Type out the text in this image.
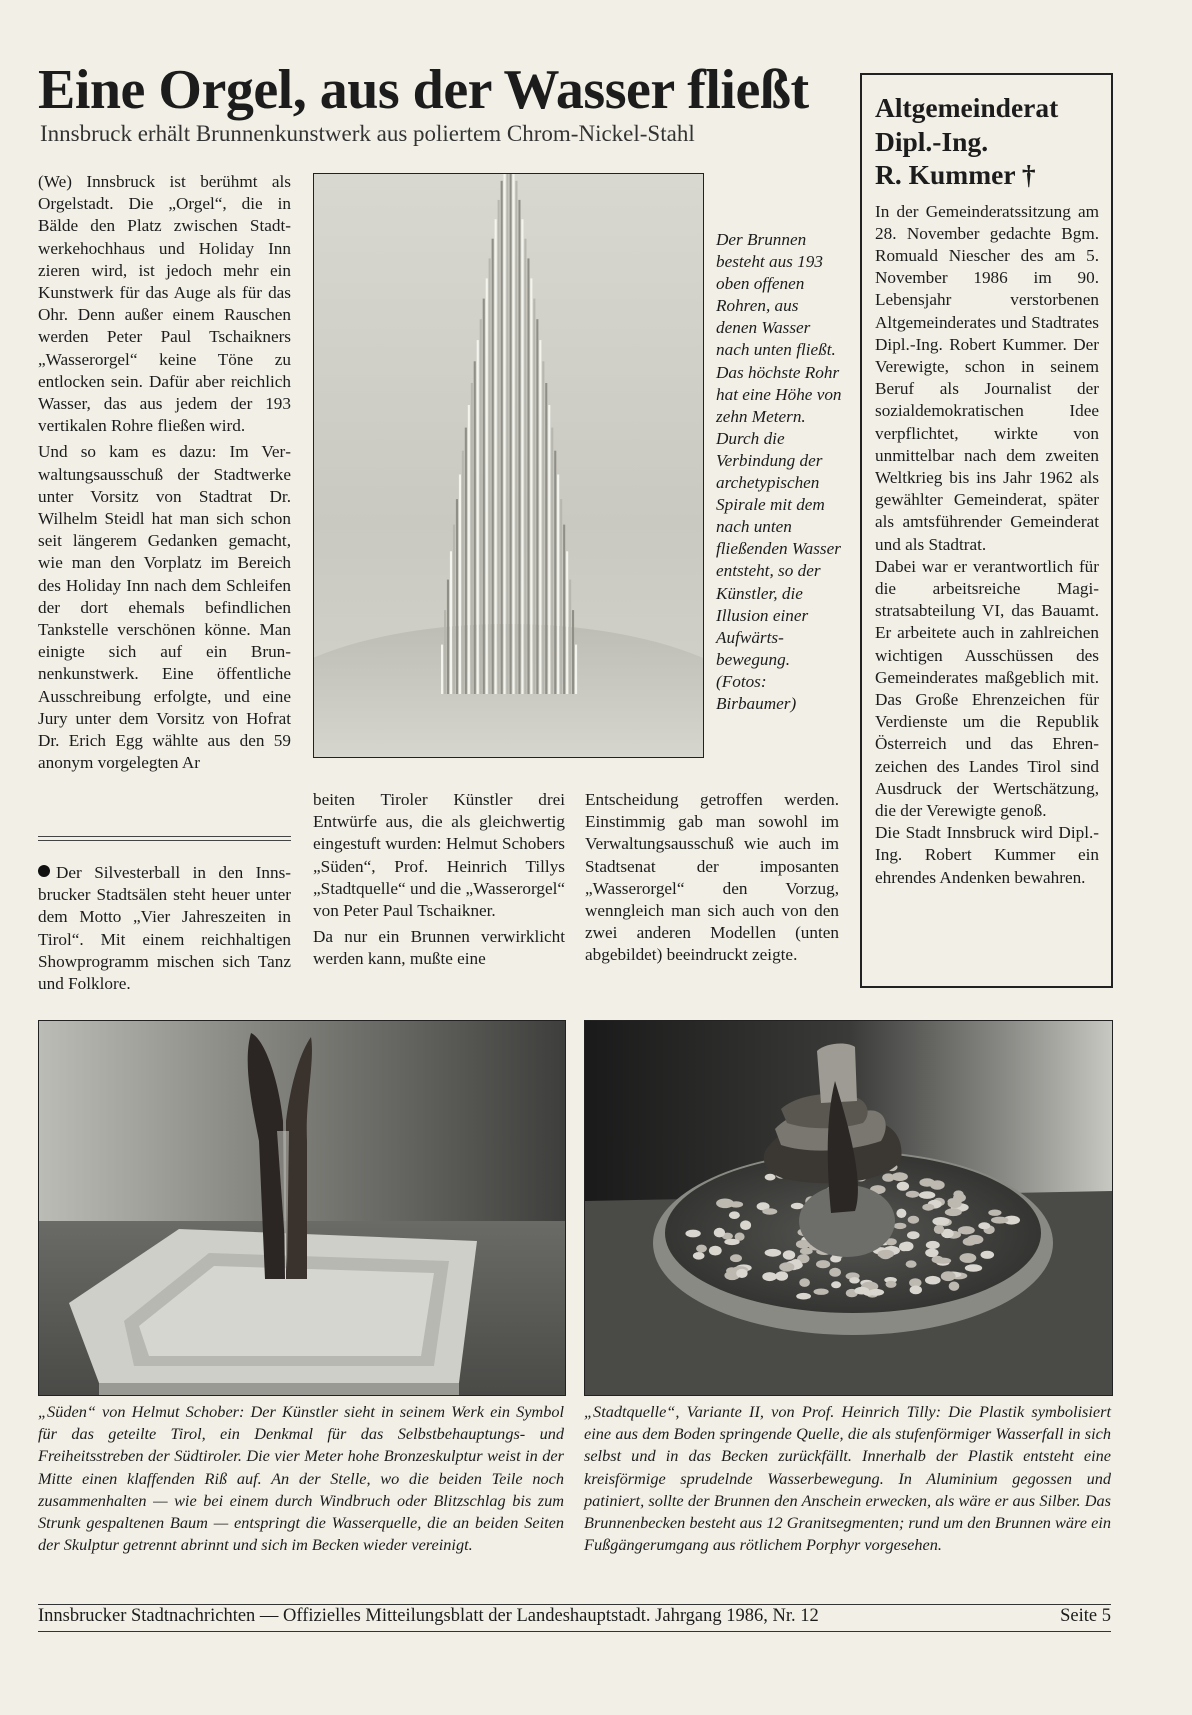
Eine Orgel, aus der Wasser fließt
Innsbruck erhält Brunnenkunstwerk aus poliertem Chrom-Nickel-Stahl

(We) Innsbruck ist berühmt als Orgelstadt. Die „Orgel“, die in Bälde den Platz zwischen Stadtwerkehochhaus und Holiday Inn zieren wird, ist jedoch mehr ein Kunstwerk für das Auge als für das Ohr. Denn außer einem Rauschen werden Peter Paul Tschaikners „Wasserorgel“ keine Töne zu entlocken sein. Dafür aber reichlich Wasser, das aus jedem der 193 vertikalen Rohre fließen wird.

Und so kam es dazu: Im Verwaltungsausschuß der Stadtwerke unter Vorsitz von Stadtrat Dr. Wilhelm Steidl hat man sich schon seit längerem Gedanken gemacht, wie man den Vorplatz im Bereich des Holiday Inn nach dem Schleifen der dort ehemals befindlichen Tankstelle verschönen könne. Man einigte sich auf ein Brunnenkunstwerk. Eine öffentliche Ausschreibung erfolgte, und eine Jury unter dem Vorsitz von Hofrat Dr. Erich Egg wählte aus den 59 anonym vorgelegten Ar

Der Brunnen besteht aus 193 oben offenen Rohren, aus denen Wasser nach unten fließt. Das höchste Rohr hat eine Höhe von zehn Metern. Durch die Verbindung der archetypischen Spirale mit dem nach unten fließenden Wasser entsteht, so der Künstler, die Illusion einer Aufwärtsbewegung. (Fotos: Birbaumer)

beiten Tiroler Künstler drei Entwürfe aus, die als gleichwertig eingestuft wurden: Helmut Schobers „Süden“, Prof. Heinrich Tillys „Stadtquelle“ und die „Wasserorgel“ von Peter Paul Tschaikner.

Da nur ein Brunnen verwirklicht werden kann, mußte eine

Entscheidung getroffen werden. Einstimmig gab man sowohl im Verwaltungsausschuß wie auch im Stadtsenat der imposanten „Wasserorgel“ den Vorzug, wenngleich man sich auch von den zwei anderen Modellen (unten abgebildet) beeindruckt zeigte.

Der Silvesterball in den Innsbrucker Stadtsälen steht heuer unter dem Motto „Vier Jahreszeiten in Tirol“. Mit einem reichhaltigen Showprogramm mischen sich Tanz und Folklore.
Altgemeinderat
Dipl.-Ing.
R. Kummer †

In der Gemeinderatssitzung am 28. November gedachte Bgm. Romuald Niescher des am 5. November 1986 im 90. Lebensjahr verstorbenen Altgemeinderates und Stadtrates Dipl.-Ing. Robert Kummer. Der Verewigte, schon in seinem Beruf als Journalist der sozialdemokratischen Idee verpflichtet, wirkte von unmittelbar nach dem zweiten Weltkrieg bis ins Jahr 1962 als gewählter Gemeinderat, später als amtsführender Gemeinderat und als Stadtrat.

Dabei war er verantwortlich für die arbeitsreiche Magistratsabteilung VI, das Bauamt. Er arbeitete auch in zahlreichen wichtigen Ausschüssen des Gemeinderates maßgeblich mit. Das Große Ehrenzeichen für Verdienste um die Republik Österreich und das Ehrenzeichen des Landes Tirol sind Ausdruck der Wertschätzung, die der Verewigte genoß.

Die Stadt Innsbruck wird Dipl.-Ing. Robert Kummer ein ehrendes Andenken bewahren.

„Süden“ von Helmut Schober: Der Künstler sieht in seinem Werk ein Symbol für das geteilte Tirol, ein Denkmal für das Selbstbehauptungs- und Freiheitsstreben der Südtiroler. Die vier Meter hohe Bronzeskulptur weist in der Mitte einen klaffenden Riß auf. An der Stelle, wo die beiden Teile noch zusammenhalten — wie bei einem durch Windbruch oder Blitzschlag bis zum Strunk gespaltenen Baum — entspringt die Wasserquelle, die an beiden Seiten der Skulptur getrennt abrinnt und sich im Becken wieder vereinigt.
„Stadtquelle“, Variante II, von Prof. Heinrich Tilly: Die Plastik symbolisiert eine aus dem Boden springende Quelle, die als stufenförmiger Wasserfall in sich selbst und in das Becken zurückfällt. Innerhalb der Plastik entsteht eine kreisförmige sprudelnde Wasserbewegung. In Aluminium gegossen und patiniert, sollte der Brunnen den Anschein erwecken, als wäre er aus Silber. Das Brunnenbecken besteht aus 12 Granitsegmenten; rund um den Brunnen wäre ein Fußgängerumgang aus rötlichem Porphyr vorgesehen.
Innsbrucker Stadtnachrichten — Offizielles Mitteilungsblatt der Landeshauptstadt. Jahrgang 1986, Nr. 12	Seite 5
